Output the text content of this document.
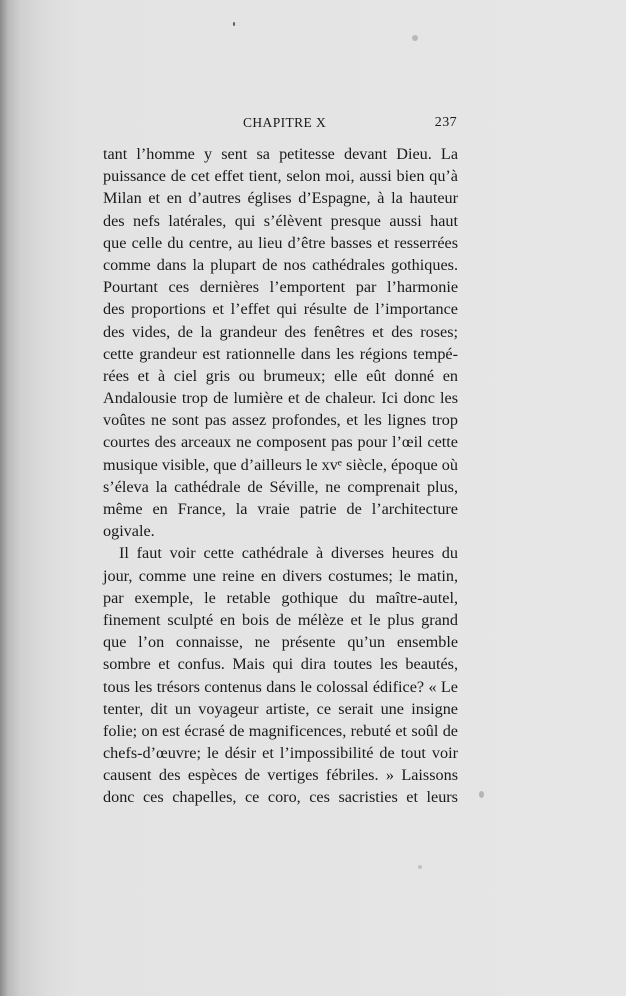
CHAPITRE X	237
tant l’homme y sent sa petitesse devant Dieu. La
puissance de cet effet tient, selon moi, aussi bien qu’à
Milan et en d’autres églises d’Espagne, à la hauteur
des nefs latérales, qui s’élèvent presque aussi haut
que celle du centre, au lieu d’être basses et resserrées
comme dans la plupart de nos cathédrales gothiques.
Pourtant ces dernières l’emportent par l’harmonie
des proportions et l’effet qui résulte de l’importance
des vides, de la grandeur des fenêtres et des roses;
cette grandeur est rationnelle dans les régions tempé-
rées et à ciel gris ou brumeux; elle eût donné en
Andalousie trop de lumière et de chaleur. Ici donc les
voûtes ne sont pas assez profondes, et les lignes trop
courtes des arceaux ne composent pas pour l’œil cette
musique visible, que d’ailleurs le xvᵉ siècle, époque où
s’éleva la cathédrale de Séville, ne comprenait plus,
même en France, la vraie patrie de l’architecture
ogivale.
Il faut voir cette cathédrale à diverses heures du
jour, comme une reine en divers costumes; le matin,
par exemple, le retable gothique du maître-autel,
finement sculpté en bois de mélèze et le plus grand
que l’on connaisse, ne présente qu’un ensemble
sombre et confus. Mais qui dira toutes les beautés,
tous les trésors contenus dans le colossal édifice? « Le
tenter, dit un voyageur artiste, ce serait une insigne
folie; on est écrasé de magnificences, rebuté et soûl de
chefs-d’œuvre; le désir et l’impossibilité de tout voir
causent des espèces de vertiges fébriles. » Laissons
donc ces chapelles, ce coro, ces sacristies et leurs
